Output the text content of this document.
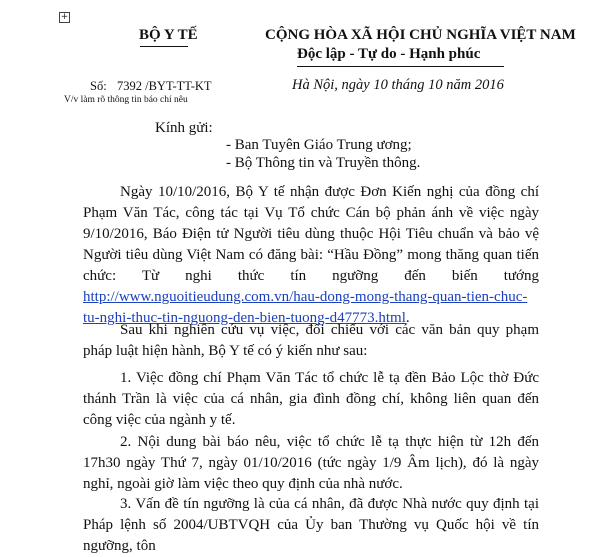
+
BỘ Y TẾ	CỘNG HÒA XÃ HỘI CHỦ NGHĨA VIỆT NAM
Độc lập - Tự do - Hạnh phúc
Số: 7392 /BYT-TT-KT
V/v làm rõ thông tin báo chí nêu
Hà Nội, ngày 10 tháng 10 năm 2016
Kính gửi:
- Ban Tuyên Giáo Trung ương;
- Bộ Thông tin và Truyền thông.
Ngày 10/10/2016, Bộ Y tế nhận được Đơn Kiến nghị của đồng chí Phạm Văn Tác, công tác tại Vụ Tổ chức Cán bộ phản ánh về việc ngày 9/10/2016, Báo Điện tử Người tiêu dùng thuộc Hội Tiêu chuẩn và bảo vệ Người tiêu dùng Việt Nam có đăng bài: “Hầu Đồng” mong thăng quan tiến chức: Từ nghi thức tín ngưỡng đến biến tướng http://www.nguoitieudung.com.vn/hau-dong-mong-thang-quan-tien-chuc-tu-nghi-thuc-tin-nguong-den-bien-tuong-d47773.html.
Sau khi nghiên cứu vụ việc, đối chiếu với các văn bản quy phạm pháp luật hiện hành, Bộ Y tế có ý kiến như sau:
1. Việc đồng chí Phạm Văn Tác tổ chức lễ tạ đền Bảo Lộc thờ Đức thánh Trần là việc của cá nhân, gia đình đồng chí, không liên quan đến công việc của ngành y tế.
2. Nội dung bài báo nêu, việc tổ chức lễ tạ thực hiện từ 12h đến 17h30 ngày Thứ 7, ngày 01/10/2016 (tức ngày 1/9 Âm lịch), đó là ngày nghỉ, ngoài giờ làm việc theo quy định của nhà nước.
3. Vấn đề tín ngưỡng là của cá nhân, đã được Nhà nước quy định tại Pháp lệnh số 2004/UBTVQH của Ủy ban Thường vụ Quốc hội về tín ngưỡng, tôn
